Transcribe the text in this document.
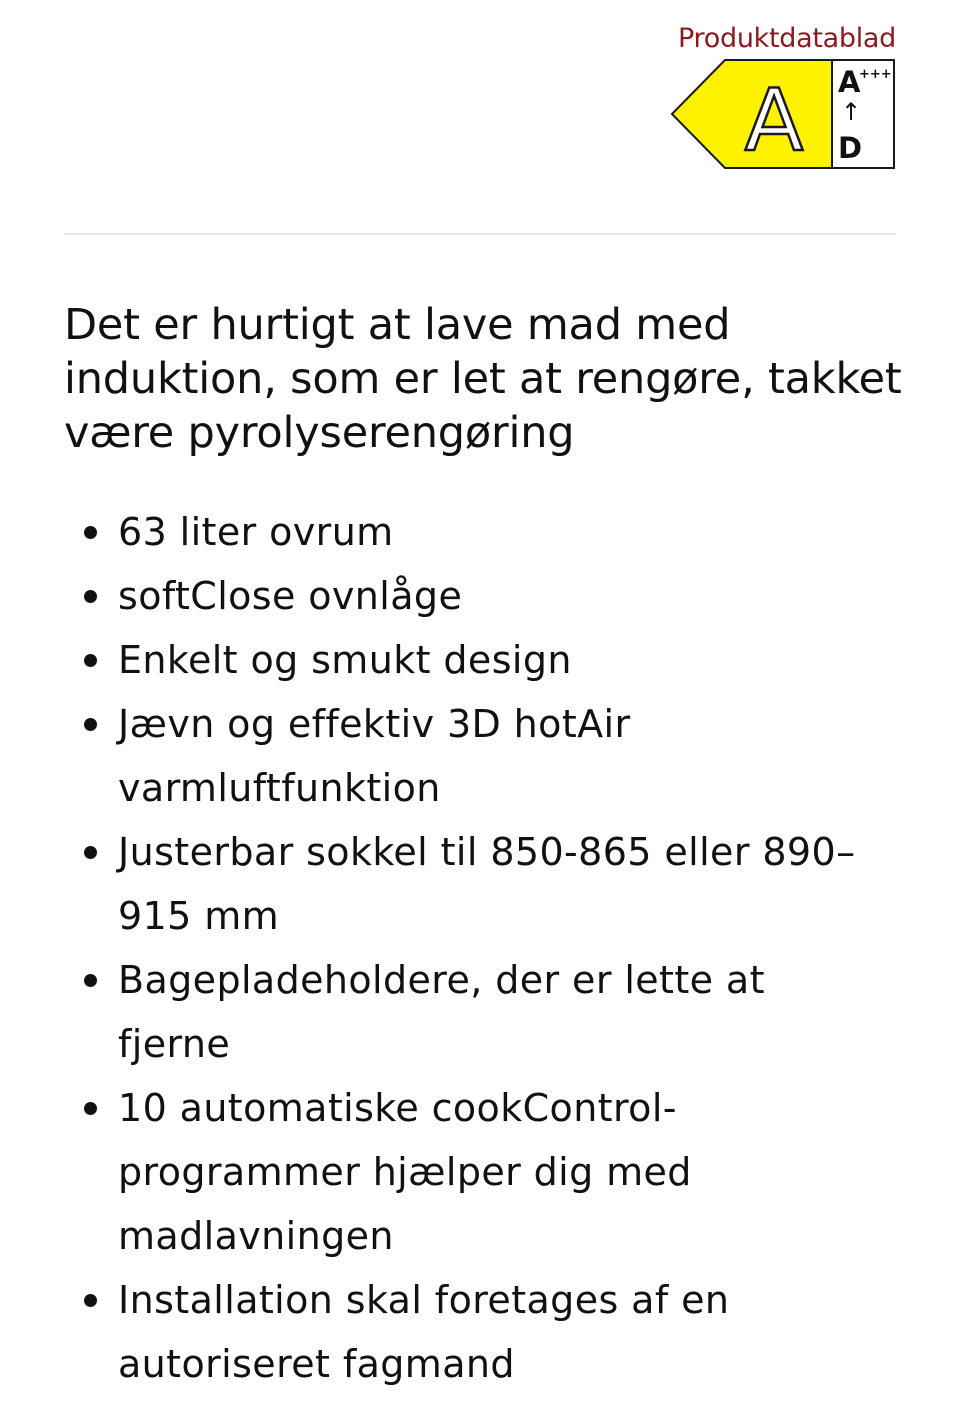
Produktdatablad
A A
+++
↑
D
Det er hurtigt at lave mad med induktion, som er let at rengøre, takket være pyrolyserengøring
63 liter ovrum
softClose ovnlåge
Enkelt og smukt design
Jævn og effektiv 3D hotAir varmluftfunktion
Justerbar sokkel til 850-865 eller 890–915 mm
Bagepladeholdere, der er lette at fjerne
10 automatiske cookControl-programmer hjælper dig med madlavningen
Installation skal foretages af en autoriseret fagmand
